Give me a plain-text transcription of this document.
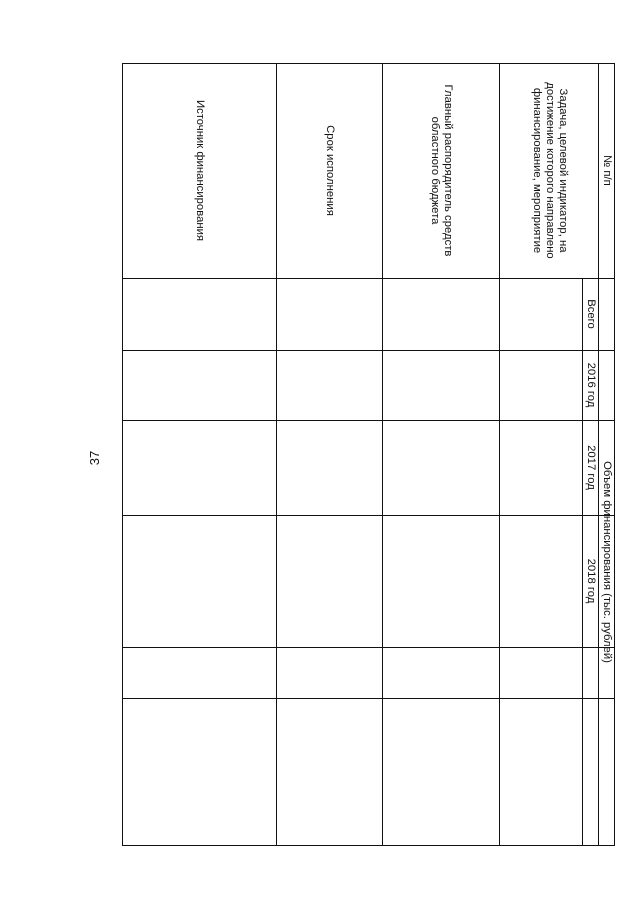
37
№ п/п
Задача, целевой индикатор, на достижение которого направлено финансирование, мероприятие
Главный распорядитель средств областного бюджета
Срок исполнения
Источник финансирования
Объем финансирования (тыс. рублей)
Всего
2016 год
2017 год
2018 год
